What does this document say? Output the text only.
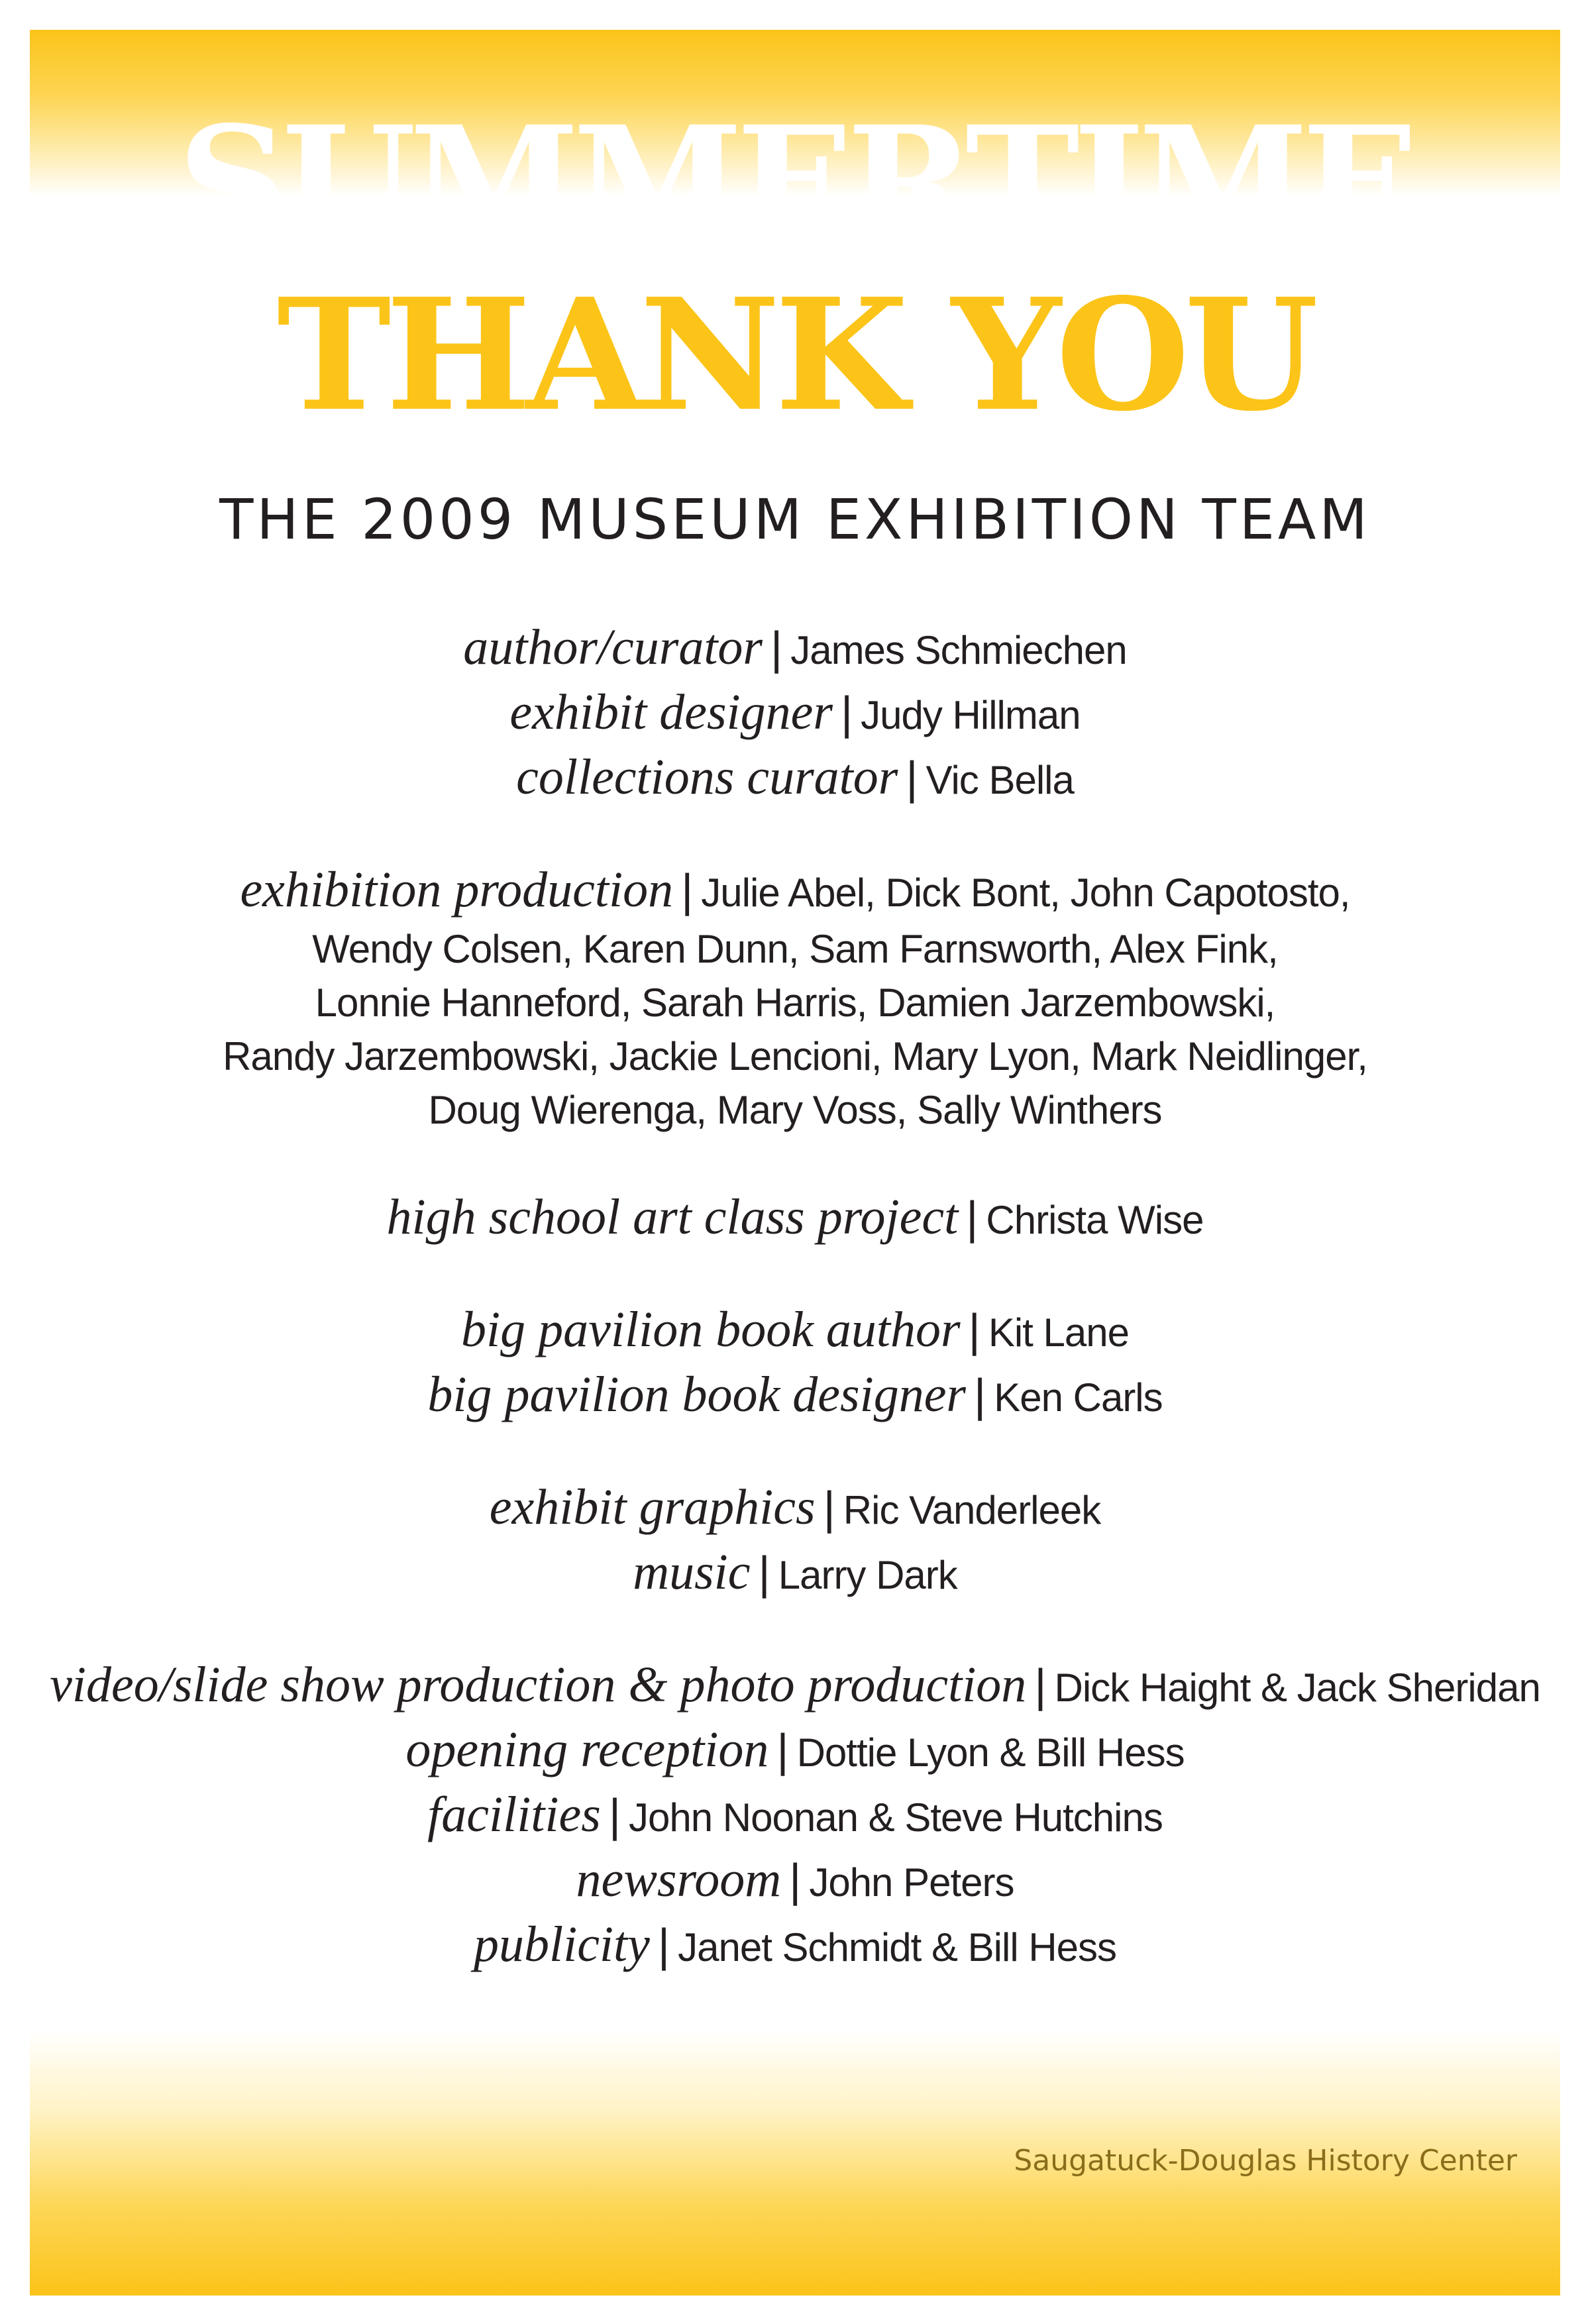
SUMMERTIME
THANK YOU
THE 2009 MUSEUM EXHIBITION TEAM
author/curator | James Schmiechen
exhibit designer | Judy Hillman
collections curator | Vic Bella
exhibition production | Julie Abel, Dick Bont, John Capotosto,
Wendy Colsen, Karen Dunn, Sam Farnsworth, Alex Fink,
Lonnie Hanneford, Sarah Harris, Damien Jarzembowski,
Randy Jarzembowski, Jackie Lencioni, Mary Lyon, Mark Neidlinger,
Doug Wierenga, Mary Voss, Sally Winthers
high school art class project | Christa Wise
big pavilion book author | Kit Lane
big pavilion book designer | Ken Carls
exhibit graphics | Ric Vanderleek
music | Larry Dark
video/slide show production & photo production | Dick Haight & Jack Sheridan
opening reception | Dottie Lyon & Bill Hess
facilities | John Noonan & Steve Hutchins
newsroom | John Peters
publicity | Janet Schmidt & Bill Hess
Saugatuck-Douglas History Center
